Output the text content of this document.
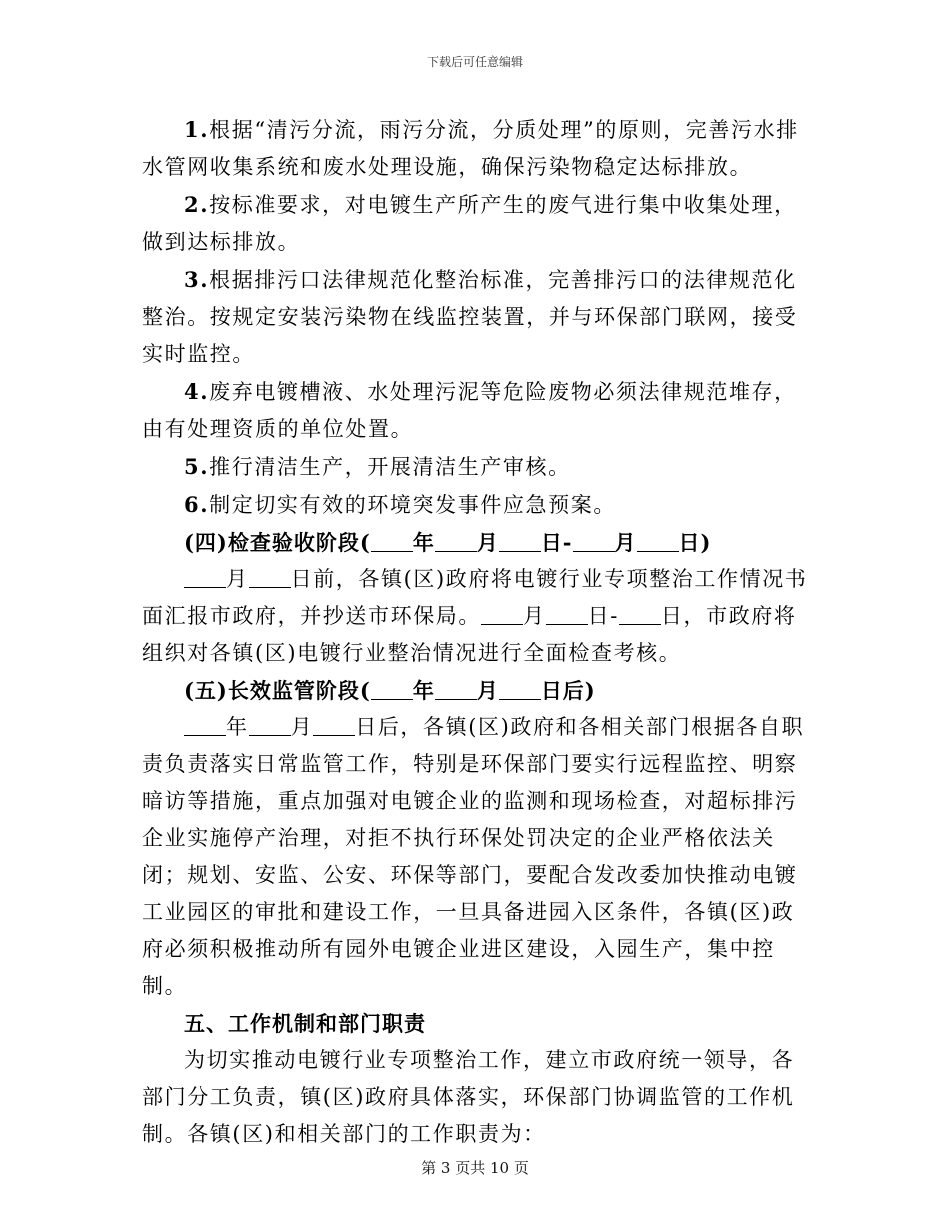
下载后可任意编辑

1.根据“清污分流，雨污分流，分质处理”的原则，完善污水排水管网收集系统和废水处理设施，确保污染物稳定达标排放。

2.按标准要求，对电镀生产所产生的废气进行集中收集处理，做到达标排放。

3.根据排污口法律规范化整治标准，完善排污口的法律规范化整治。按规定安装污染物在线监控装置，并与环保部门联网，接受实时监控。

4.废弃电镀槽液、水处理污泥等危险废物必须法律规范堆存，由有处理资质的单位处置。

5.推行清洁生产，开展清洁生产审核。

6.制定切实有效的环境突发事件应急预案。

(四)检查验收阶段( 年 月 日- 月 日)

月 日前，各镇(区)政府将电镀行业专项整治工作情况书面汇报市政府，并抄送市环保局。 月 日- 日，市政府将组织对各镇(区)电镀行业整治情况进行全面检查考核。

(五)长效监管阶段( 年 月 日后)

年 月 日后，各镇(区)政府和各相关部门根据各自职责负责落实日常监管工作，特别是环保部门要实行远程监控、明察暗访等措施，重点加强对电镀企业的监测和现场检查，对超标排污企业实施停产治理，对拒不执行环保处罚决定的企业严格依法关闭；规划、安监、公安、环保等部门，要配合发改委加快推动电镀工业园区的审批和建设工作，一旦具备进园入区条件，各镇(区)政府必须积极推动所有园外电镀企业进区建设，入园生产，集中控制。

五、工作机制和部门职责

为切实推动电镀行业专项整治工作，建立市政府统一领导，各部门分工负责，镇(区)政府具体落实，环保部门协调监管的工作机制。各镇(区)和相关部门的工作职责为：

第 3 页共 10 页
